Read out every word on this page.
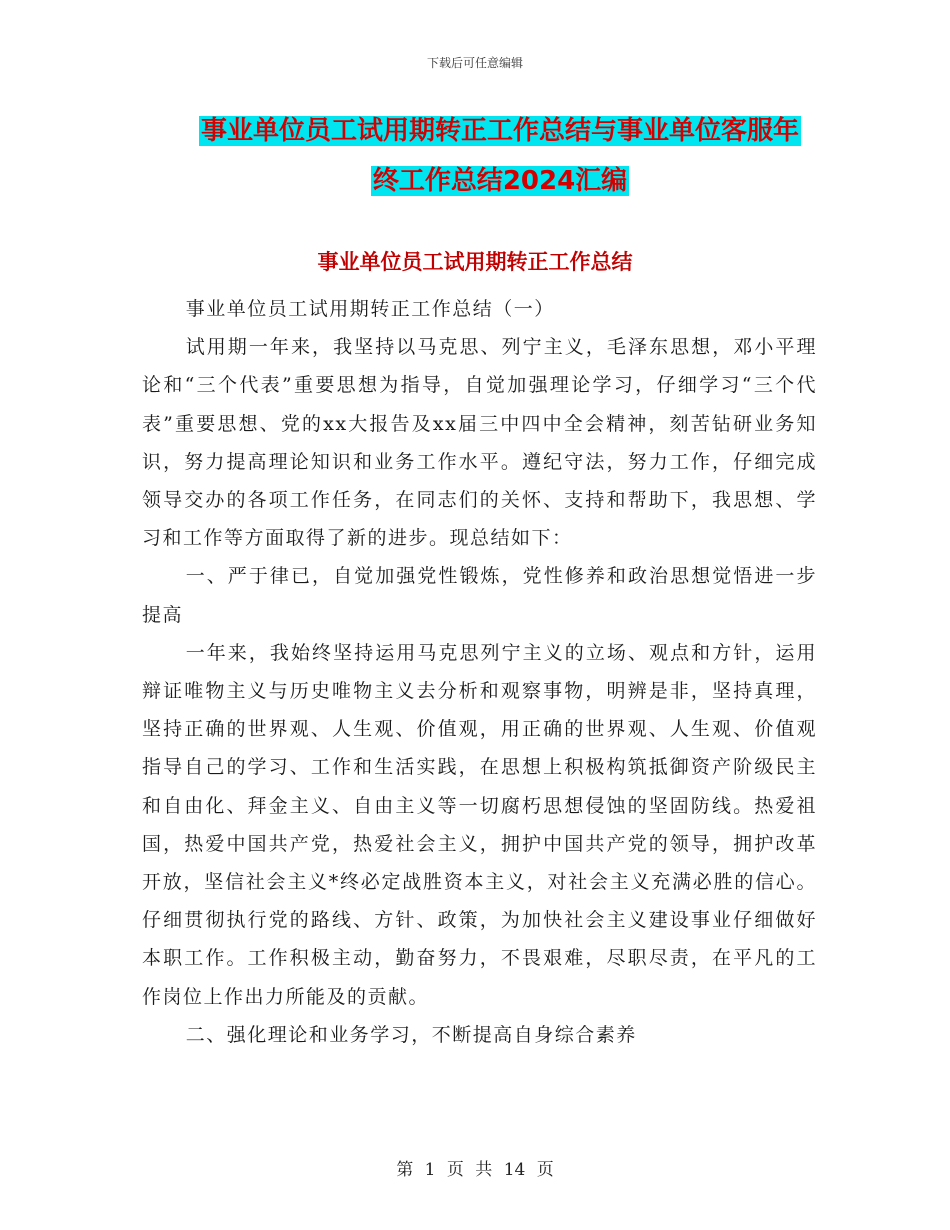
下载后可任意编辑
事业单位员工试用期转正工作总结与事业单位客服年
终工作总结2024汇编
事业单位员工试用期转正工作总结

事业单位员工试用期转正工作总结（一）

试用期一年来，我坚持以马克思、列宁主义，毛泽东思想，邓小平理论和“三个代表”重要思想为指导，自觉加强理论学习，仔细学习“三个代表”重要思想、党的xx大报告及xx届三中四中全会精神，刻苦钻研业务知识，努力提高理论知识和业务工作水平。遵纪守法，努力工作，仔细完成领导交办的各项工作任务，在同志们的关怀、支持和帮助下，我思想、学习和工作等方面取得了新的进步。现总结如下：

一、严于律已，自觉加强党性锻炼，党性修养和政治思想觉悟进一步提高

一年来，我始终坚持运用马克思列宁主义的立场、观点和方针，运用辩证唯物主义与历史唯物主义去分析和观察事物，明辨是非，坚持真理，坚持正确的世界观、人生观、价值观，用正确的世界观、人生观、价值观指导自己的学习、工作和生活实践，在思想上积极构筑抵御资产阶级民主和自由化、拜金主义、自由主义等一切腐朽思想侵蚀的坚固防线。热爱祖国，热爱中国共产党，热爱社会主义，拥护中国共产党的领导，拥护改革开放，坚信社会主义*终必定战胜资本主义，对社会主义充满必胜的信心。仔细贯彻执行党的路线、方针、政策，为加快社会主义建设事业仔细做好本职工作。工作积极主动，勤奋努力，不畏艰难，尽职尽责，在平凡的工作岗位上作出力所能及的贡献。

二、强化理论和业务学习，不断提高自身综合素养

第 1 页 共 14 页
